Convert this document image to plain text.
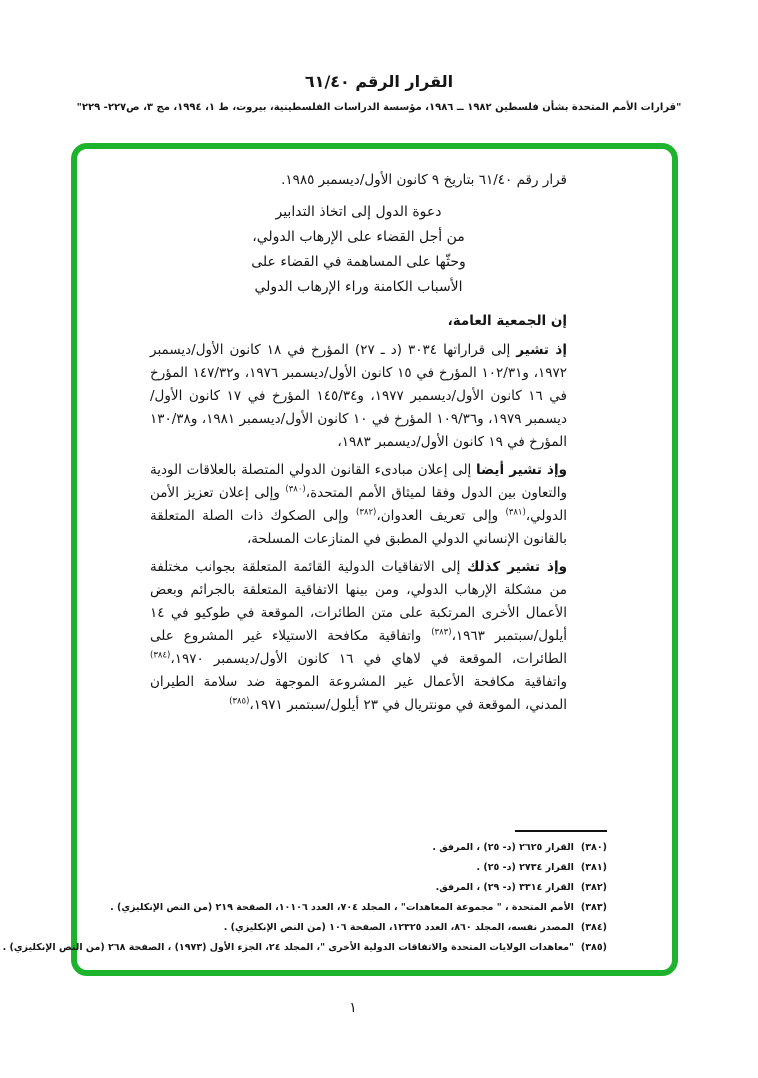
القرار الرقم ٦١/٤٠
"قرارات الأمم المتحدة بشأن فلسطين ١٩٨٢ ــ ١٩٨٦، مؤسسة الدراسات الفلسطينية، بيروت، ط ١، ١٩٩٤، مج ٣، ص٢٢٧- ٢٢٩"

قرار رقم ٦١/٤٠ بتاريخ ٩ كانون الأول/ديسمبر ١٩٨٥.

دعوة الدول إلى اتخاذ التدابير
من أجل القضاء على الإرهاب الدولي،
وحثّها على المساهمة في القضاء على
الأسباب الكامنة وراء الإرهاب الدولي

إن الجمعية العامة،

إذ تشير إلى قراراتها ٣٠٣٤ (د ـ ٢٧) المؤرخ في ١٨ كانون الأول/ديسمبر ١٩٧٢، و١٠٢/٣١ المؤرخ في ١٥ كانون الأول/ديسمبر ١٩٧٦، و١٤٧/٣٢ المؤرخ في ١٦ كانون الأول/ديسمبر ١٩٧٧، و١٤٥/٣٤ المؤرخ في ١٧ كانون الأول/ديسمبر ١٩٧٩، و١٠٩/٣٦ المؤرخ في ١٠ كانون الأول/ديسمبر ١٩٨١، و١٣٠/٣٨ المؤرخ في ١٩ كانون الأول/ديسمبر ١٩٨٣،

وإذ تشير أيضا إلى إعلان مبادىء القانون الدولي المتصلة بالعلاقات الودية والتعاون بين الدول وفقا لميثاق الأمم المتحدة،$^{(٣٨٠)}$ وإلى إعلان تعزيز الأمن الدولي،$^{(٣٨١)}$ وإلى تعريف العدوان،$^{(٣٨٢)}$ وإلى الصكوك ذات الصلة المتعلقة بالقانون الإنساني الدولي المطبق في المنازعات المسلحة،

وإذ تشير كذلك إلى الاتفاقيات الدولية القائمة المتعلقة بجوانب مختلفة من مشكلة الإرهاب الدولي، ومن بينها الاتفاقية المتعلقة بالجرائم وبعض الأعمال الأخرى المرتكبة على متن الطائرات، الموقعة في طوكيو في ١٤ أيلول/سبتمبر ١٩٦٣،$^{(٣٨٣)}$ واتفاقية مكافحة الاستيلاء غير المشروع على الطائرات، الموقعة في لاهاي في ١٦ كانون الأول/ديسمبر ١٩٧٠،$^{(٣٨٤)}$ واتفاقية مكافحة الأعمال غير المشروعة الموجهة ضد سلامة الطيران المدني، الموقعة في مونتريال في ٢٣ أيلول/سبتمبر ١٩٧١،$^{(٣٨٥)}$

(٣٨٠)القرار ٢٦٢٥ (د- ٢٥) ، المرفق .
(٣٨١)القرار ٢٧٣٤ (د- ٢٥) .
(٣٨٢)القرار ٣٣١٤ (د- ٢٩) ، المرفق.
(٣٨٣)الأمم المتحدة ، " مجموعة المعاهدات" ، المجلد ٧٠٤، العدد ١٠١٠٦، الصفحة ٢١٩ (من النص الإنكليزي) .
(٣٨٤)المصدر نفسه، المجلد ٨٦٠، العدد ١٢٣٢٥، الصفحة ١٠٦ (من النص الإنكليزي) .
(٣٨٥)"معاهدات الولايات المتحدة والاتفاقات الدولية الأخرى "، المجلد ٢٤، الجزء الأول (١٩٧٣) ، الصفحة ٢٦٨ (من النص الإنكليزي) .
١
